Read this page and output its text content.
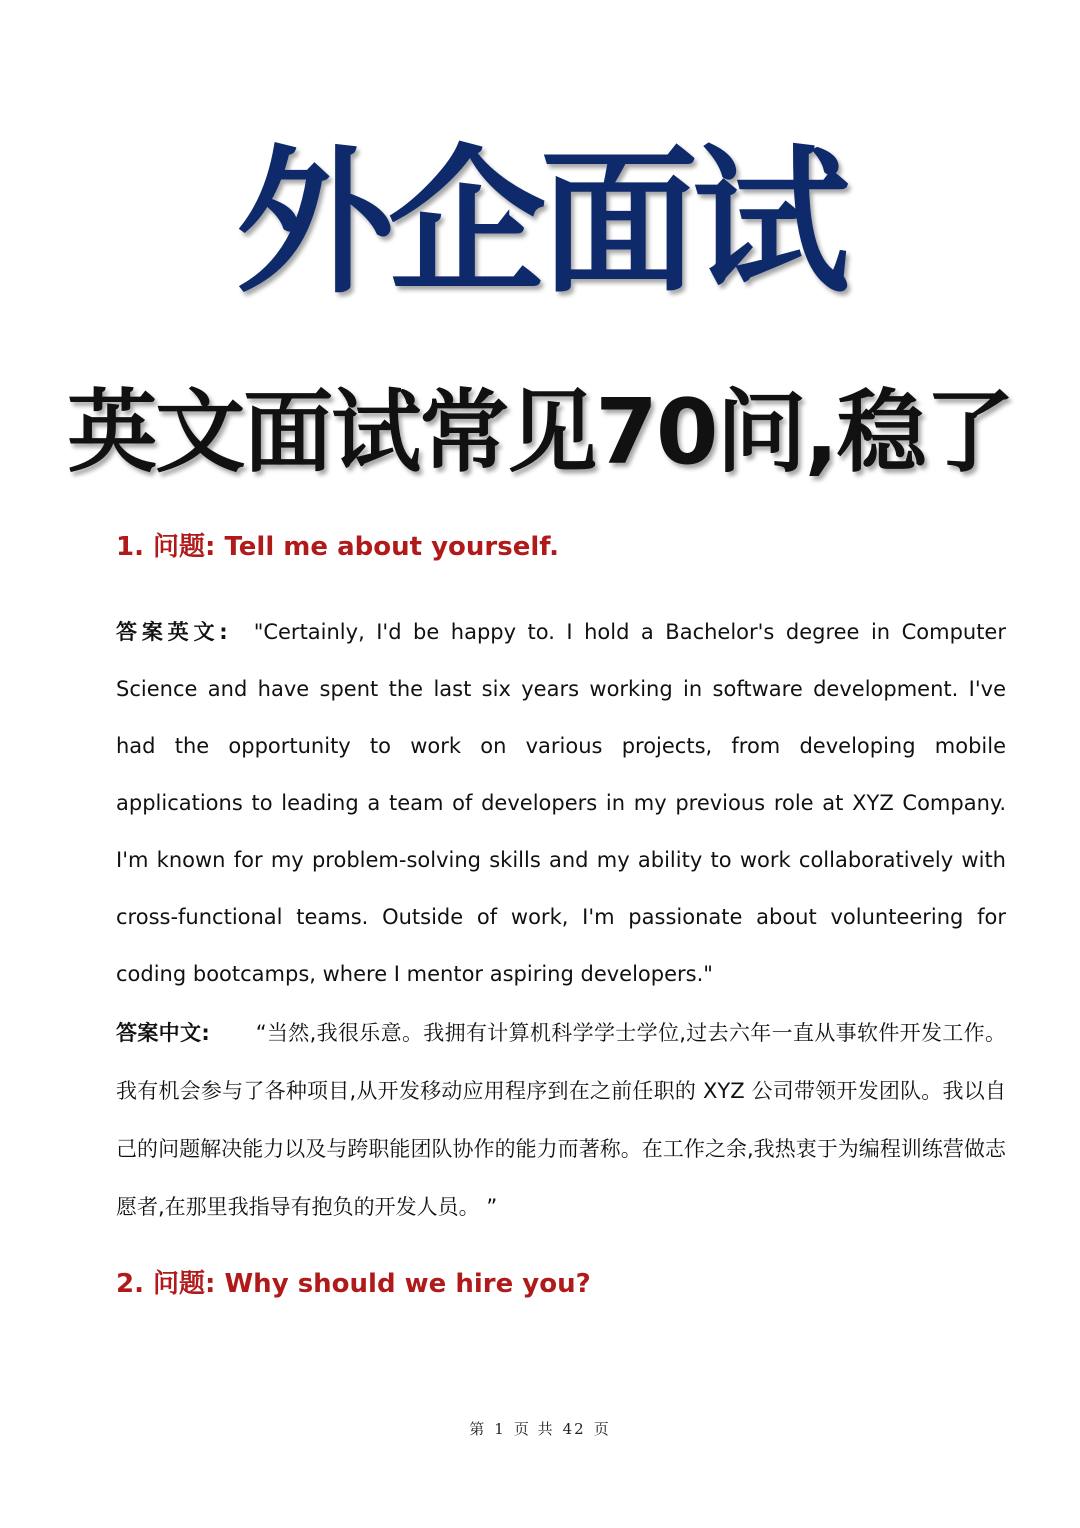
外企面试
英文面试常见70问,稳了
1. 问题: Tell me about yourself.
答案英文: "Certainly, I'd be happy to. I hold a Bachelor's degree in Computer Science and have spent the last six years working in software development. I've had the opportunity to work on various projects, from developing mobile applications to leading a team of developers in my previous role at XYZ Company. I'm known for my problem-solving skills and my ability to work collaboratively with cross-functional teams. Outside of work, I'm passionate about volunteering for coding bootcamps, where I mentor aspiring developers."
答案中文: “当然,我很乐意。我拥有计算机科学学士学位,过去六年一直从事软件开发工作。我有机会参与了各种项目,从开发移动应用程序到在之前任职的 XYZ 公司带领开发团队。我以自己的问题解决能力以及与跨职能团队协作的能力而著称。在工作之余,我热衷于为编程训练营做志愿者,在那里我指导有抱负的开发人员。 ”
2. 问题: Why should we hire you?
第 1 页 共 42 页
